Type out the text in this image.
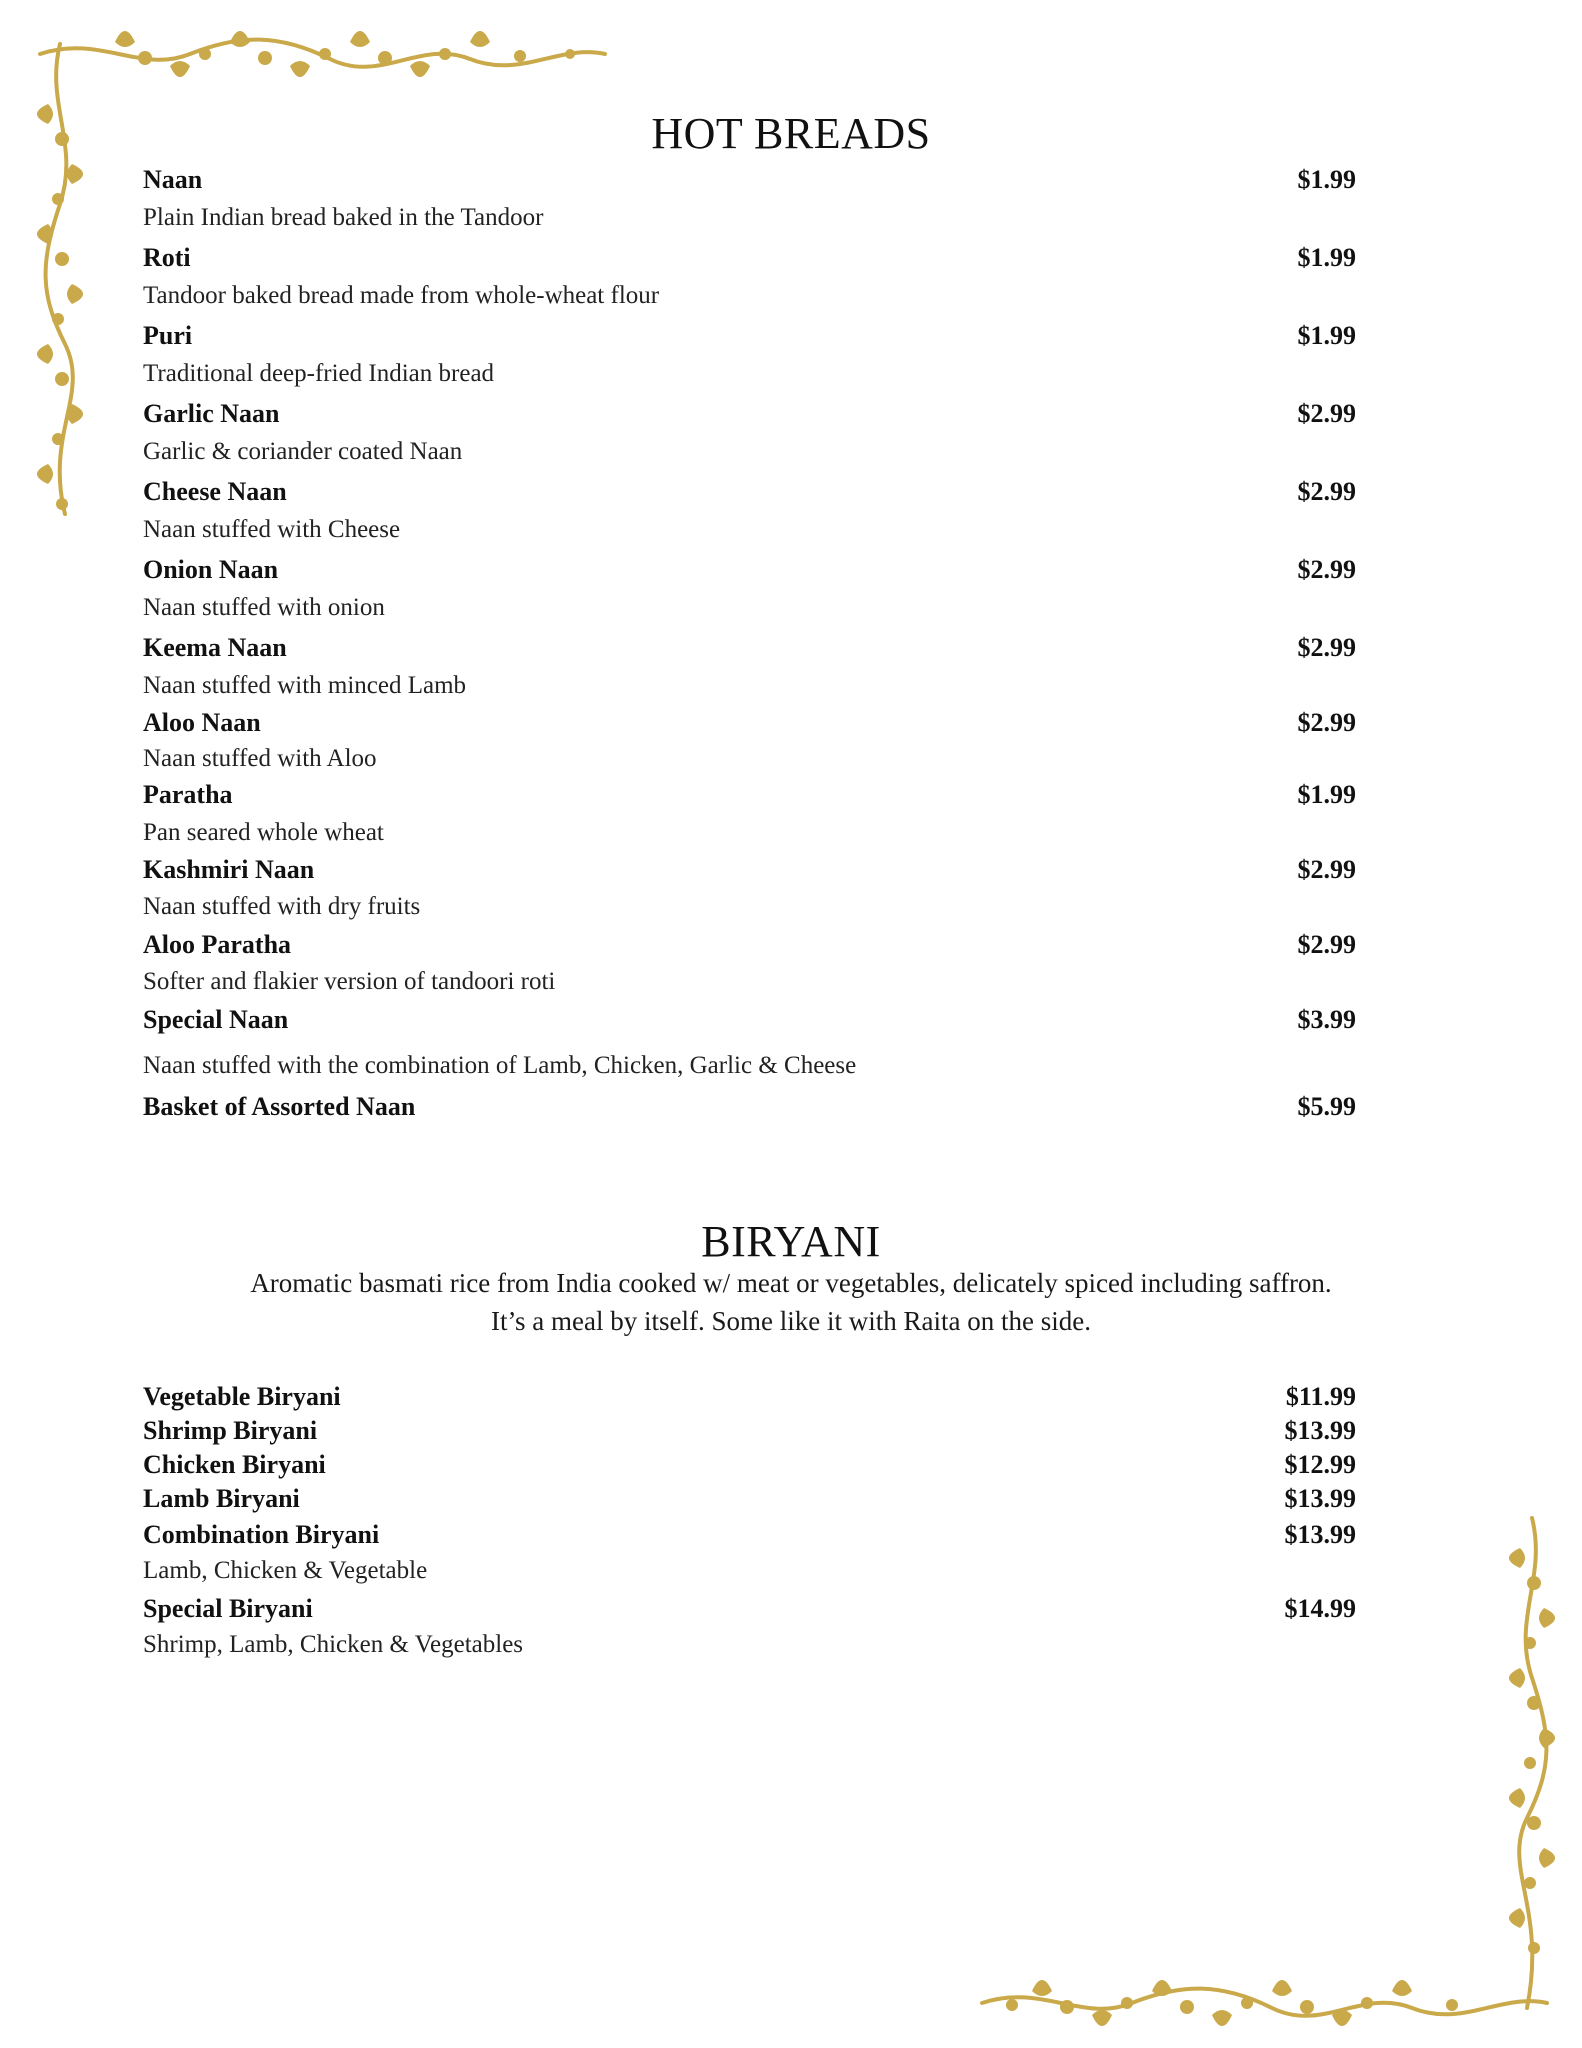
HOT BREADS
Naan	$1.99
Plain Indian bread baked in the Tandoor
Roti	$1.99
Tandoor baked bread made from whole-wheat flour
Puri	$1.99
Traditional deep-fried Indian bread
Garlic Naan	$2.99
Garlic & coriander coated Naan
Cheese Naan	$2.99
Naan stuffed with Cheese
Onion Naan	$2.99
Naan stuffed with onion
Keema Naan	$2.99
Naan stuffed with minced Lamb
Aloo Naan	$2.99
Naan stuffed with Aloo
Paratha	$1.99
Pan seared whole wheat
Kashmiri Naan	$2.99
Naan stuffed with dry fruits
Aloo Paratha	$2.99
Softer and flakier version of tandoori roti
Special Naan	$3.99
Naan stuffed with the combination of Lamb, Chicken, Garlic & Cheese
Basket of Assorted Naan	$5.99
BIRYANI
Aromatic basmati rice from India cooked w/ meat or vegetables, delicately spiced including saffron.
It’s a meal by itself. Some like it with Raita on the side.
Vegetable Biryani	$11.99
Shrimp Biryani	$13.99
Chicken Biryani	$12.99
Lamb Biryani	$13.99
Combination Biryani	$13.99
Lamb, Chicken & Vegetable
Special Biryani	$14.99
Shrimp, Lamb, Chicken & Vegetables
